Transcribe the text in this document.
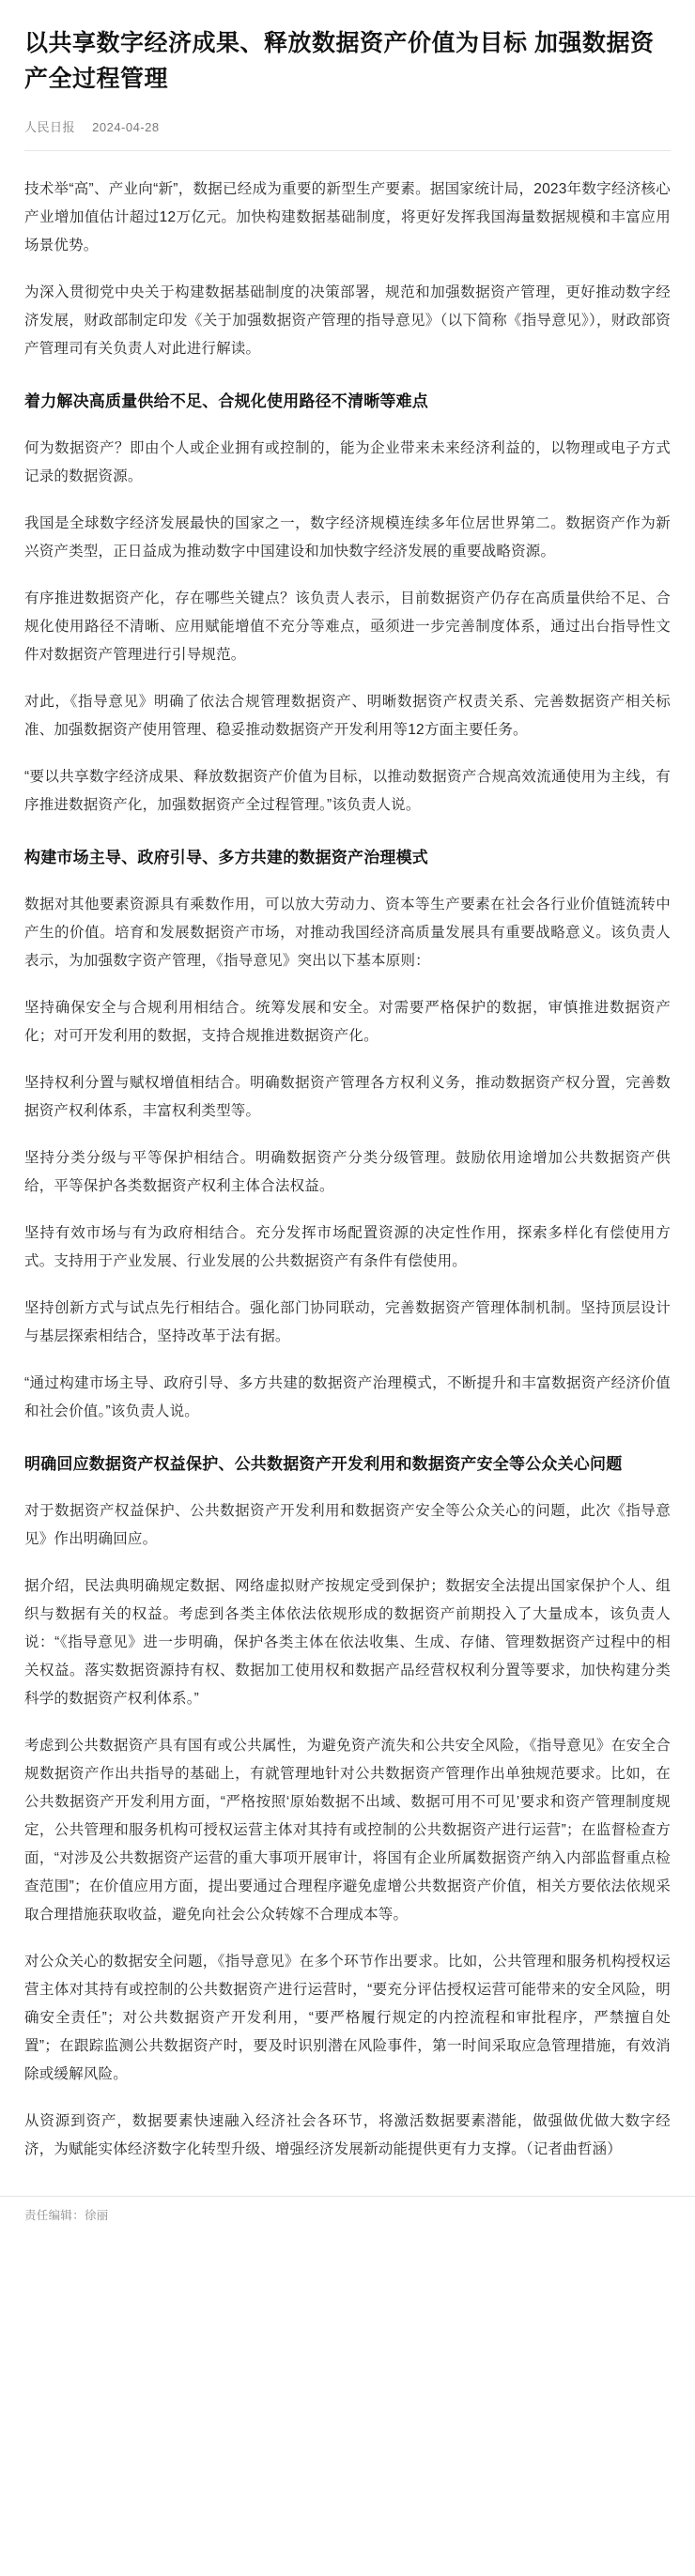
以共享数字经济成果、释放数据资产价值为目标 加强数据资产全过程管理
人民日报 2024-04-28

技术举“高”、产业向“新”，数据已经成为重要的新型生产要素。据国家统计局，2023年数字经济核心产业增加值估计超过12万亿元。加快构建数据基础制度，将更好发挥我国海量数据规模和丰富应用场景优势。

为深入贯彻党中央关于构建数据基础制度的决策部署，规范和加强数据资产管理，更好推动数字经济发展，财政部制定印发《关于加强数据资产管理的指导意见》（以下简称《指导意见》），财政部资产管理司有关负责人对此进行解读。

着力解决高质量供给不足、合规化使用路径不清晰等难点

何为数据资产？即由个人或企业拥有或控制的，能为企业带来未来经济利益的，以物理或电子方式记录的数据资源。

我国是全球数字经济发展最快的国家之一，数字经济规模连续多年位居世界第二。数据资产作为新兴资产类型，正日益成为推动数字中国建设和加快数字经济发展的重要战略资源。

有序推进数据资产化，存在哪些关键点？该负责人表示，目前数据资产仍存在高质量供给不足、合规化使用路径不清晰、应用赋能增值不充分等难点，亟须进一步完善制度体系，通过出台指导性文件对数据资产管理进行引导规范。

对此，《指导意见》明确了依法合规管理数据资产、明晰数据资产权责关系、完善数据资产相关标准、加强数据资产使用管理、稳妥推动数据资产开发利用等12方面主要任务。

“要以共享数字经济成果、释放数据资产价值为目标，以推动数据资产合规高效流通使用为主线，有序推进数据资产化，加强数据资产全过程管理。”该负责人说。

构建市场主导、政府引导、多方共建的数据资产治理模式

数据对其他要素资源具有乘数作用，可以放大劳动力、资本等生产要素在社会各行业价值链流转中产生的价值。培育和发展数据资产市场，对推动我国经济高质量发展具有重要战略意义。该负责人表示，为加强数字资产管理，《指导意见》突出以下基本原则：

坚持确保安全与合规利用相结合。统筹发展和安全。对需要严格保护的数据，审慎推进数据资产化；对可开发利用的数据，支持合规推进数据资产化。

坚持权利分置与赋权增值相结合。明确数据资产管理各方权利义务，推动数据资产权分置，完善数据资产权利体系，丰富权利类型等。

坚持分类分级与平等保护相结合。明确数据资产分类分级管理。鼓励依用途增加公共数据资产供给，平等保护各类数据资产权利主体合法权益。

坚持有效市场与有为政府相结合。充分发挥市场配置资源的决定性作用，探索多样化有偿使用方式。支持用于产业发展、行业发展的公共数据资产有条件有偿使用。

坚持创新方式与试点先行相结合。强化部门协同联动，完善数据资产管理体制机制。坚持顶层设计与基层探索相结合，坚持改革于法有据。

“通过构建市场主导、政府引导、多方共建的数据资产治理模式，不断提升和丰富数据资产经济价值和社会价值。”该负责人说。

明确回应数据资产权益保护、公共数据资产开发利用和数据资产安全等公众关心问题

对于数据资产权益保护、公共数据资产开发利用和数据资产安全等公众关心的问题，此次《指导意见》作出明确回应。

据介绍，民法典明确规定数据、网络虚拟财产按规定受到保护；数据安全法提出国家保护个人、组织与数据有关的权益。考虑到各类主体依法依规形成的数据资产前期投入了大量成本，该负责人说：“《指导意见》进一步明确，保护各类主体在依法收集、生成、存储、管理数据资产过程中的相关权益。落实数据资源持有权、数据加工使用权和数据产品经营权权利分置等要求，加快构建分类科学的数据资产权利体系。”

考虑到公共数据资产具有国有或公共属性，为避免资产流失和公共安全风险，《指导意见》在安全合规数据资产作出共指导的基础上，有就管理地针对公共数据资产管理作出单独规范要求。比如，在公共数据资产开发利用方面，“严格按照‘原始数据不出域、数据可用不可见’要求和资产管理制度规定，公共管理和服务机构可授权运营主体对其持有或控制的公共数据资产进行运营”；在监督检查方面，“对涉及公共数据资产运营的重大事项开展审计，将国有企业所属数据资产纳入内部监督重点检查范围”；在价值应用方面，提出要通过合理程序避免虚增公共数据资产价值，相关方要依法依规采取合理措施获取收益，避免向社会公众转嫁不合理成本等。

对公众关心的数据安全问题，《指导意见》在多个环节作出要求。比如，公共管理和服务机构授权运营主体对其持有或控制的公共数据资产进行运营时，“要充分评估授权运营可能带来的安全风险，明确安全责任”；对公共数据资产开发利用，“要严格履行规定的内控流程和审批程序，严禁擅自处置”；在跟踪监测公共数据资产时，要及时识别潜在风险事件，第一时间采取应急管理措施，有效消除或缓解风险。

从资源到资产，数据要素快速融入经济社会各环节，将激活数据要素潜能，做强做优做大数字经济，为赋能实体经济数字化转型升级、增强经济发展新动能提供更有力支撑。（记者曲哲涵）

责任编辑：徐丽
